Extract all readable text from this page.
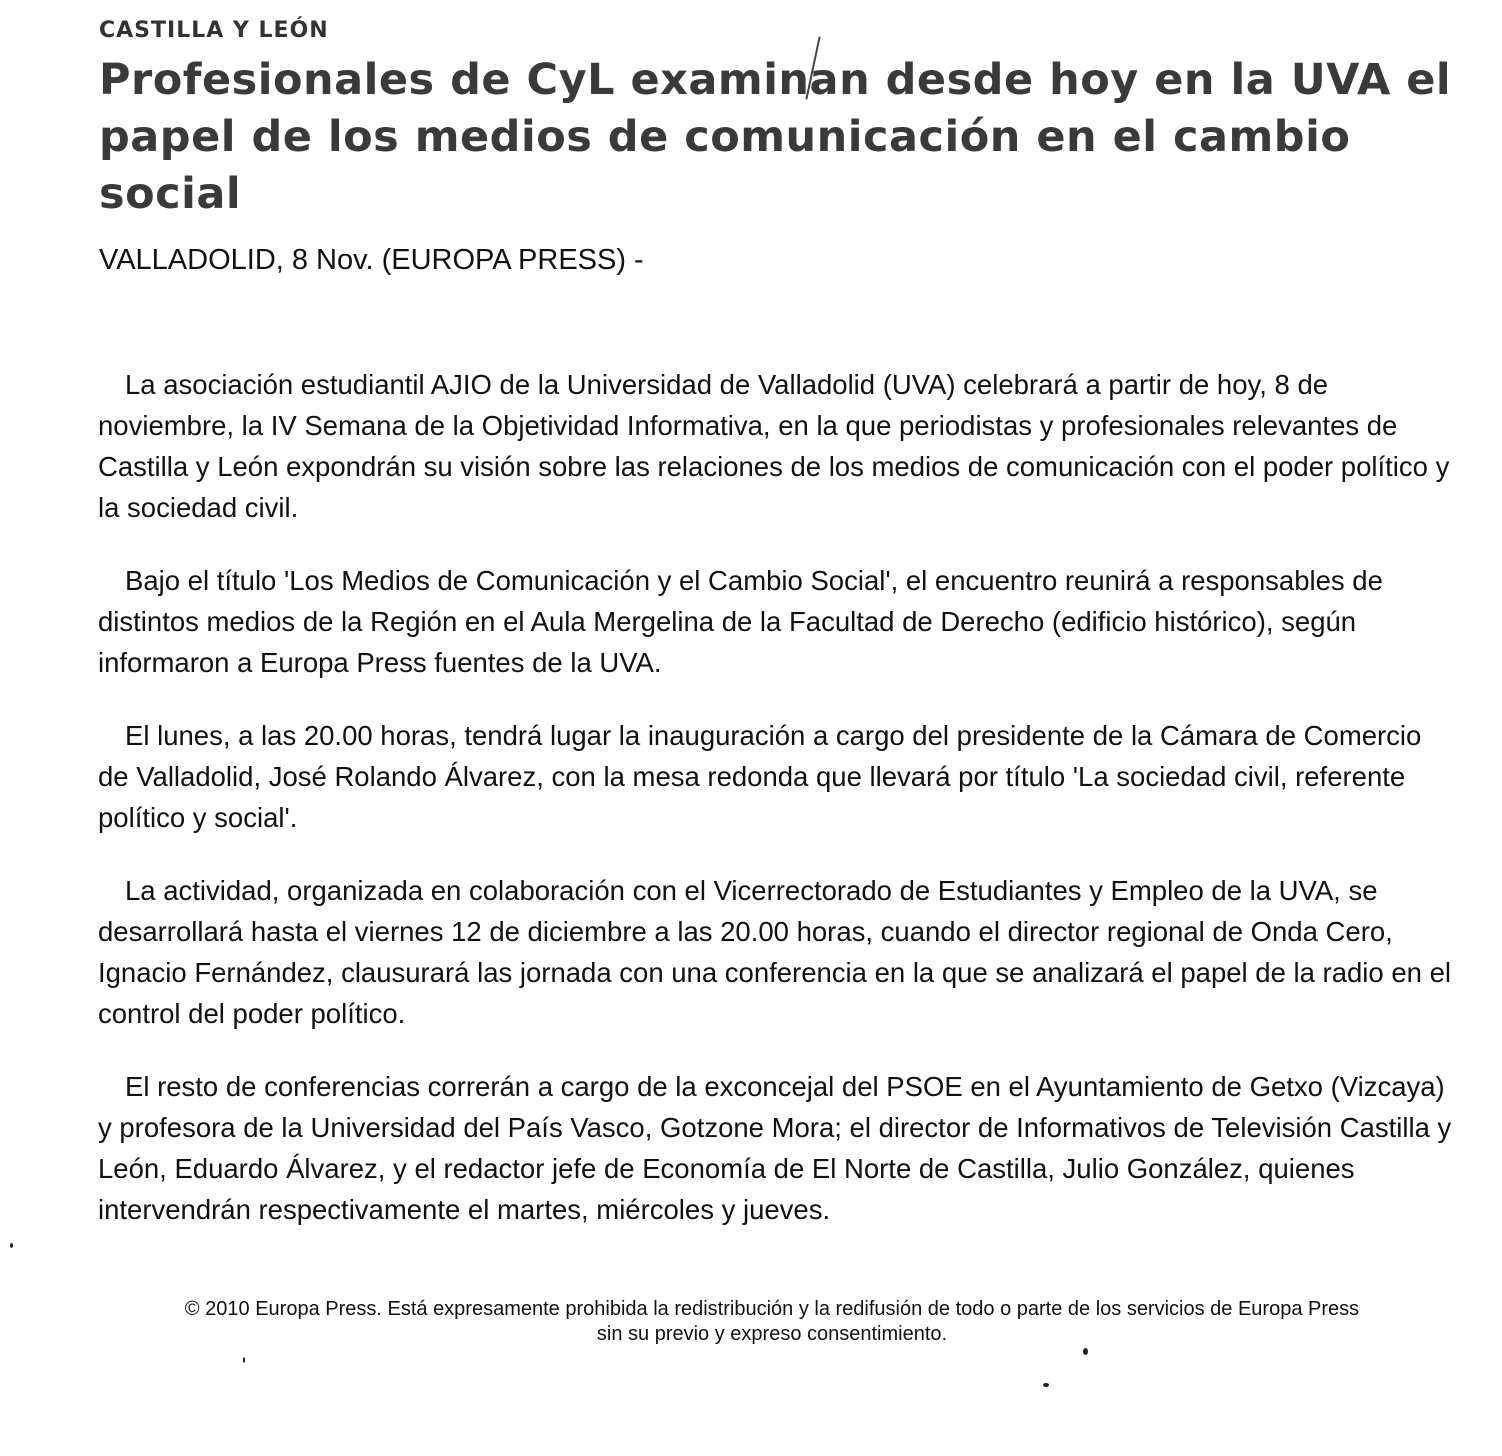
CASTILLA Y LEÓN
Profesionales de CyL examinan desde hoy en la UVA el papel de los medios de comunicación en el cambio social

VALLADOLID, 8 Nov. (EUROPA PRESS) -

La asociación estudiantil AJIO de la Universidad de Valladolid (UVA) celebrará a partir de hoy, 8 de noviembre, la IV Semana de la Objetividad Informativa, en la que periodistas y profesionales relevantes de Castilla y León expondrán su visión sobre las relaciones de los medios de comunicación con el poder político y la sociedad civil.

Bajo el título 'Los Medios de Comunicación y el Cambio Social', el encuentro reunirá a responsables de distintos medios de la Región en el Aula Mergelina de la Facultad de Derecho (edificio histórico), según informaron a Europa Press fuentes de la UVA.

El lunes, a las 20.00 horas, tendrá lugar la inauguración a cargo del presidente de la Cámara de Comercio de Valladolid, José Rolando Álvarez, con la mesa redonda que llevará por título 'La sociedad civil, referente político y social'.

La actividad, organizada en colaboración con el Vicerrectorado de Estudiantes y Empleo de la UVA, se desarrollará hasta el viernes 12 de diciembre a las 20.00 horas, cuando el director regional de Onda Cero, Ignacio Fernández, clausurará las jornada con una conferencia en la que se analizará el papel de la radio en el control del poder político.

El resto de conferencias correrán a cargo de la exconcejal del PSOE en el Ayuntamiento de Getxo (Vizcaya) y profesora de la Universidad del País Vasco, Gotzone Mora; el director de Informativos de Televisión Castilla y León, Eduardo Álvarez, y el redactor jefe de Economía de El Norte de Castilla, Julio González, quienes intervendrán respectivamente el martes, miércoles y jueves.

© 2010 Europa Press. Está expresamente prohibida la redistribución y la redifusión de todo o parte de los servicios de Europa Press
sin su previo y expreso consentimiento.
